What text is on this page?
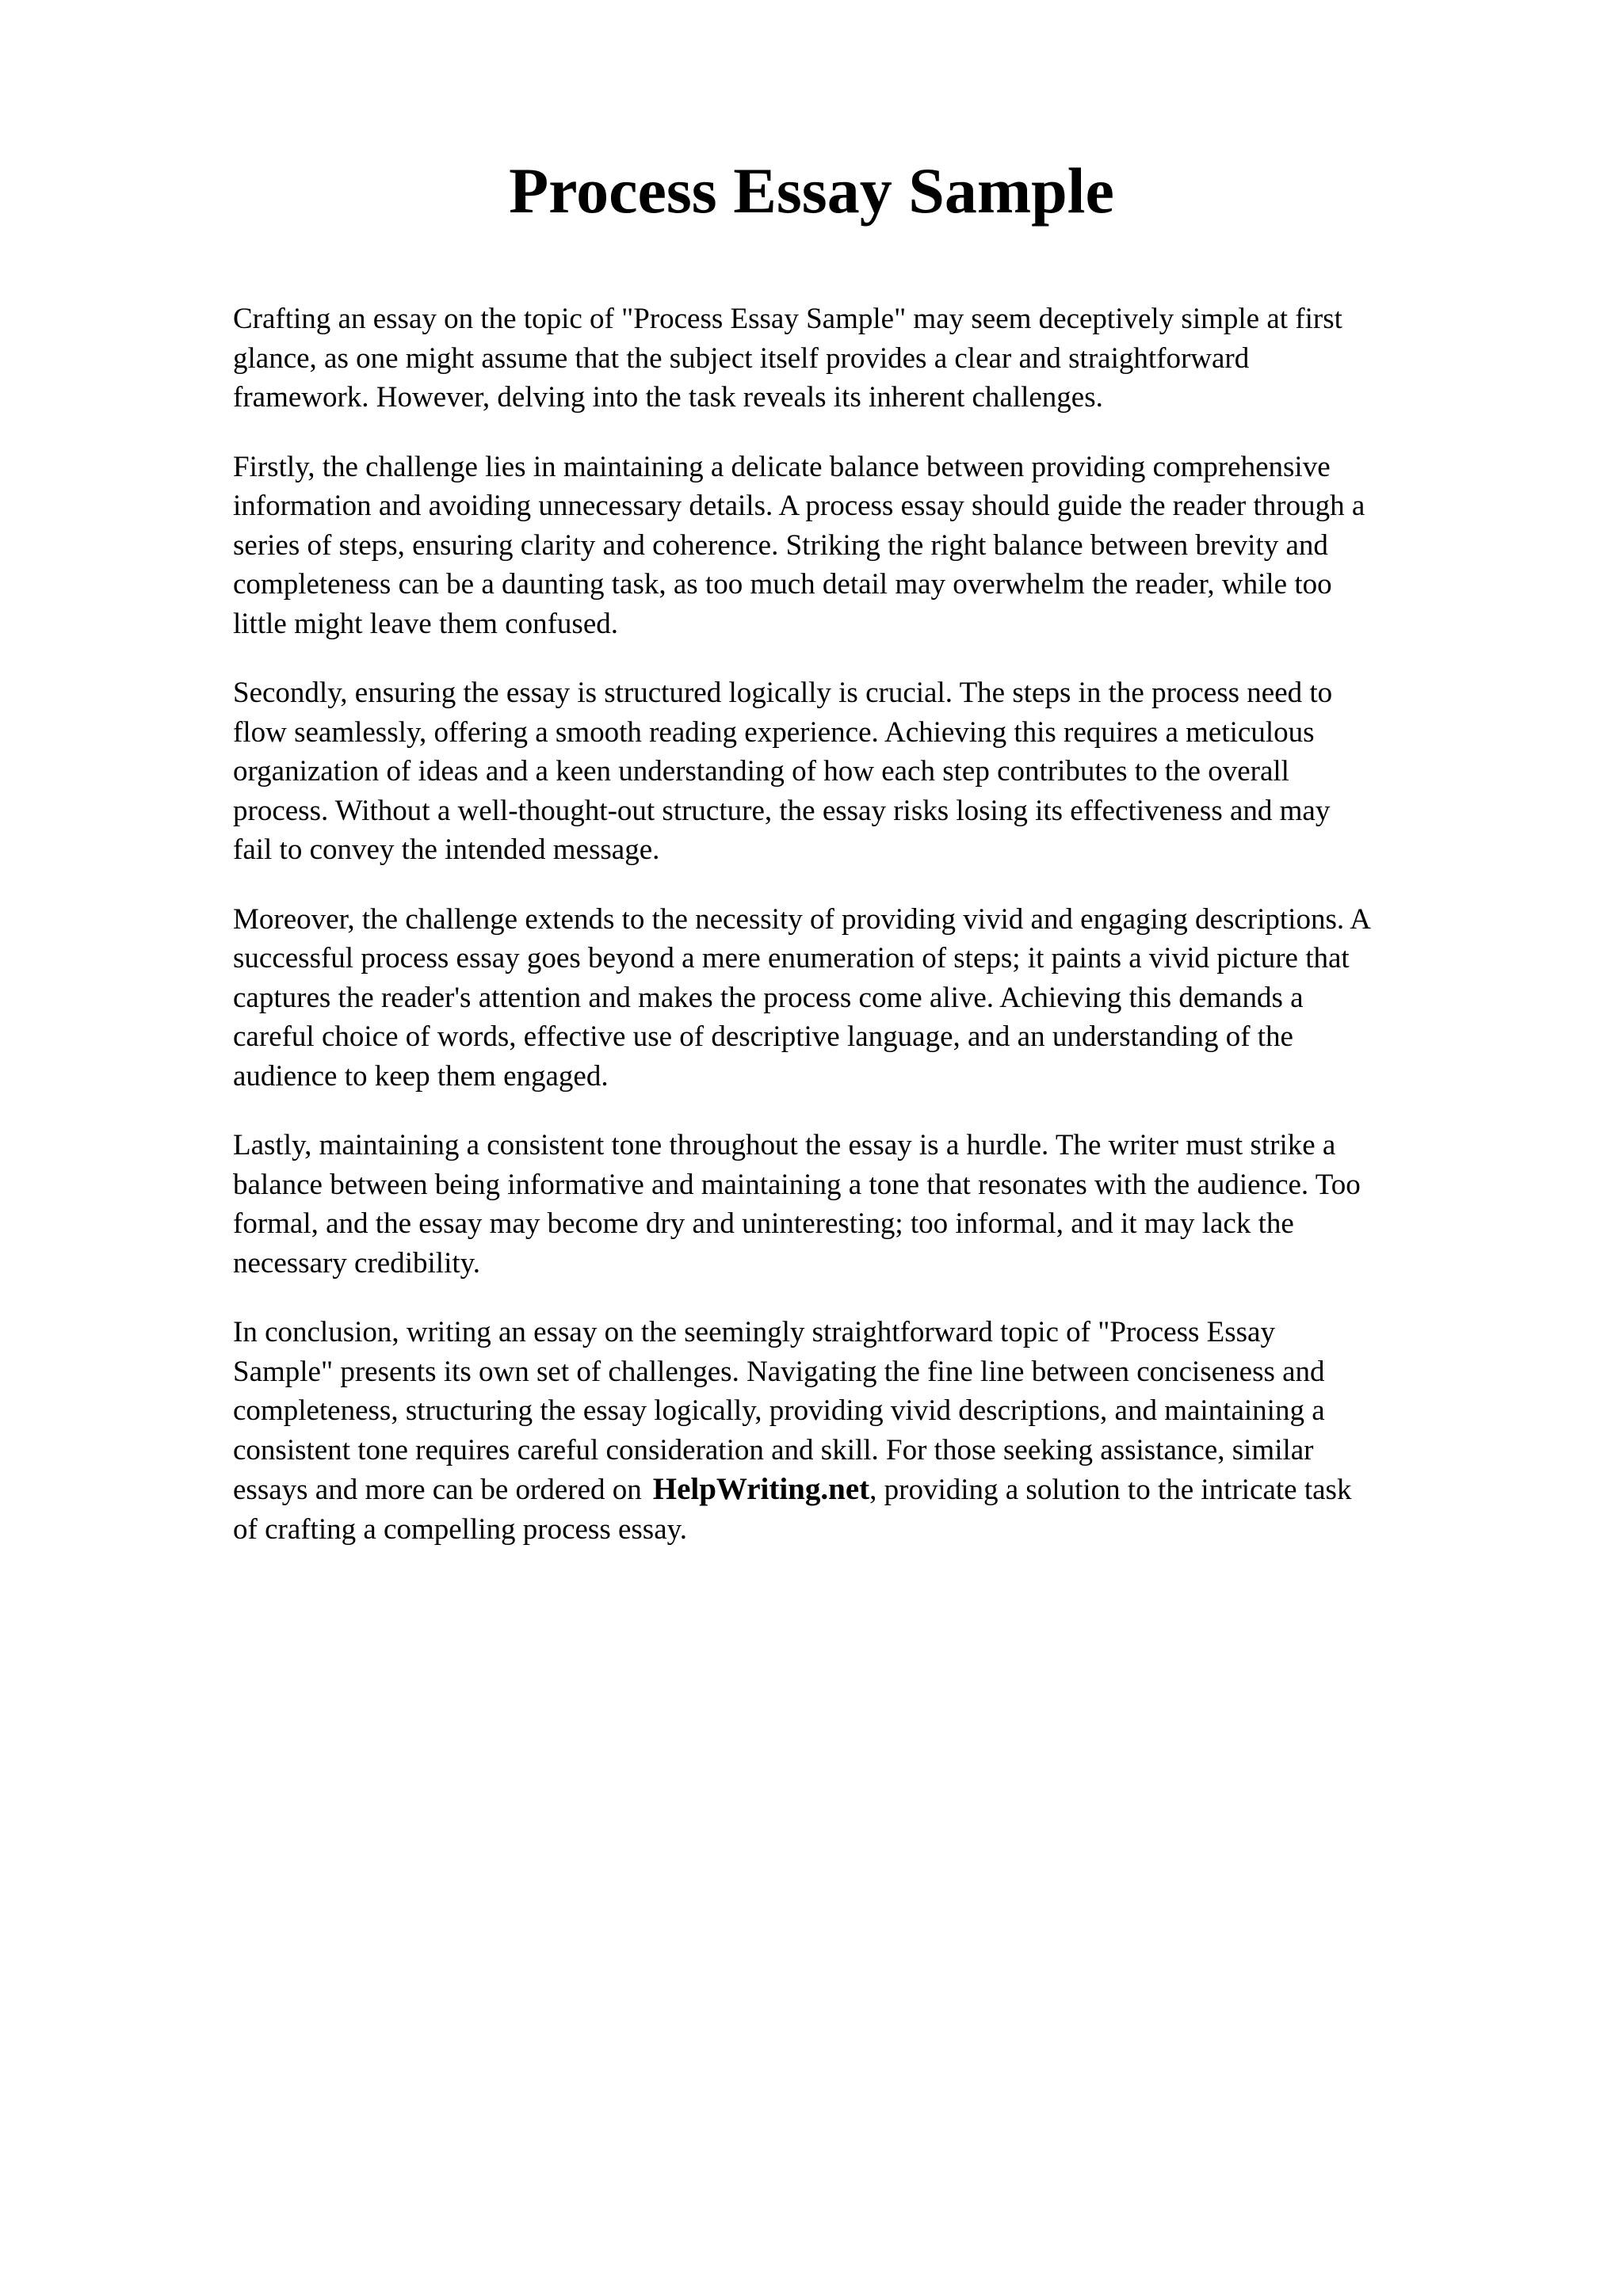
Process Essay Sample

Crafting an essay on the topic of "Process Essay Sample" may seem deceptively simple at first
glance, as one might assume that the subject itself provides a clear and straightforward
framework. However, delving into the task reveals its inherent challenges.

Firstly, the challenge lies in maintaining a delicate balance between providing comprehensive
information and avoiding unnecessary details. A process essay should guide the reader through a
series of steps, ensuring clarity and coherence. Striking the right balance between brevity and
completeness can be a daunting task, as too much detail may overwhelm the reader, while too
little might leave them confused.

Secondly, ensuring the essay is structured logically is crucial. The steps in the process need to
flow seamlessly, offering a smooth reading experience. Achieving this requires a meticulous
organization of ideas and a keen understanding of how each step contributes to the overall
process. Without a well-thought-out structure, the essay risks losing its effectiveness and may
fail to convey the intended message.

Moreover, the challenge extends to the necessity of providing vivid and engaging descriptions. A
successful process essay goes beyond a mere enumeration of steps; it paints a vivid picture that
captures the reader's attention and makes the process come alive. Achieving this demands a
careful choice of words, effective use of descriptive language, and an understanding of the
audience to keep them engaged.

Lastly, maintaining a consistent tone throughout the essay is a hurdle. The writer must strike a
balance between being informative and maintaining a tone that resonates with the audience. Too
formal, and the essay may become dry and uninteresting; too informal, and it may lack the
necessary credibility.

In conclusion, writing an essay on the seemingly straightforward topic of "Process Essay
Sample" presents its own set of challenges. Navigating the fine line between conciseness and
completeness, structuring the essay logically, providing vivid descriptions, and maintaining a
consistent tone requires careful consideration and skill. For those seeking assistance, similar
essays and more can be ordered on HelpWriting.net, providing a solution to the intricate task
of crafting a compelling process essay.
